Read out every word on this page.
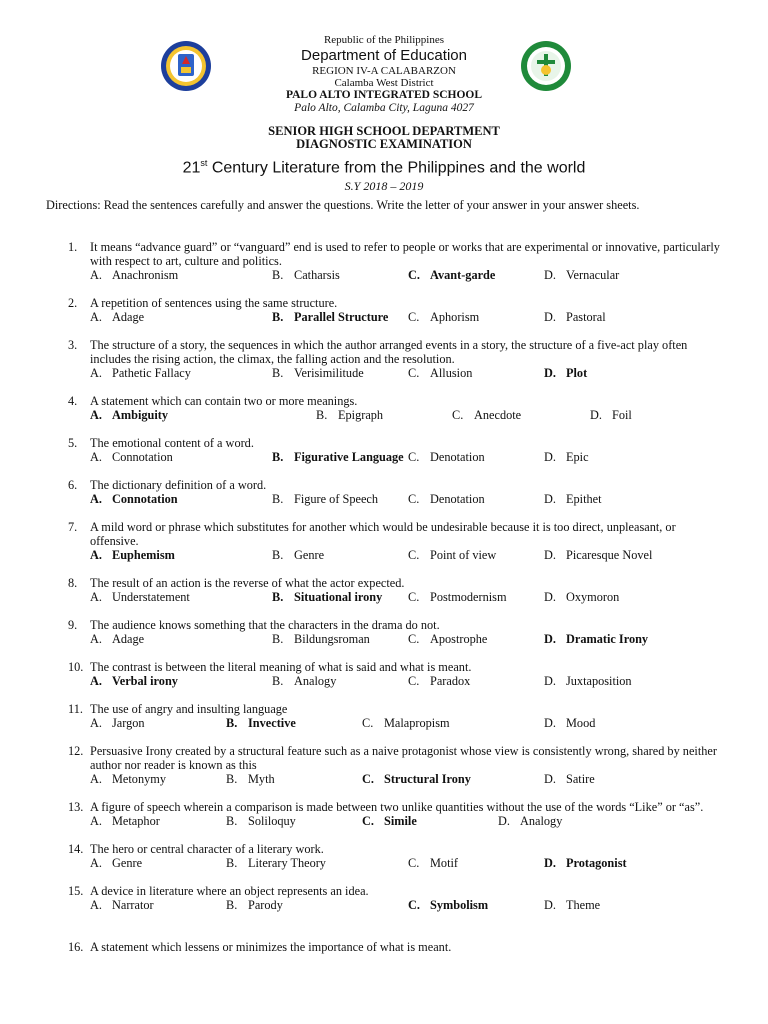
Republic of the Philippines
Department of Education
REGION IV-A CALABARZON
Calamba West District
PALO ALTO INTEGRATED SCHOOL
Palo Alto, Calamba City, Laguna 4027
SENIOR HIGH SCHOOL DEPARTMENT
DIAGNOSTIC EXAMINATION
21st Century Literature from the Philippines and the world
S.Y 2018 – 2019
Directions: Read the sentences carefully and answer the questions. Write the letter of your answer in your answer sheets.
1. It means “advance guard” or “vanguard” end is used to refer to people or works that are experimental or innovative, particularly with respect to art, culture and politics.
A. Anachronism	B. Catharsis	C. Avant-garde	D. Vernacular
2. A repetition of sentences using the same structure.
A. Adage	B. Parallel Structure C. Aphorism	D. Pastoral
3. The structure of a story, the sequences in which the author arranged events in a story, the structure of a five-act play often includes the rising action, the climax, the falling action and the resolution.
A. Pathetic Fallacy	B. Verisimilitude	C. Allusion	D. Plot
4. A statement which can contain two or more meanings.
A. Ambiguity	B. Epigraph	C. Anecdote	D. Foil
5. The emotional content of a word.
A. Connotation	B. Figurative Language C. Denotation	D. Epic
6. The dictionary definition of a word.
A. Connotation	B. Figure of Speech C. Denotation	D. Epithet
7. A mild word or phrase which substitutes for another which would be undesirable because it is too direct, unpleasant, or offensive.
A. Euphemism	B. Genre	C. Point of view	D. Picaresque Novel
8. The result of an action is the reverse of what the actor expected.
A. Understatement	B. Situational irony C. Postmodernism	D. Oxymoron
9. The audience knows something that the characters in the drama do not.
A. Adage	B. Bildungsroman	C. Apostrophe	D. Dramatic Irony
10. The contrast is between the literal meaning of what is said and what is meant.
A. Verbal irony	B. Analogy	C. Paradox	D. Juxtaposition
11. The use of angry and insulting language
A. Jargon	B. Invective	C. Malapropism	D. Mood
12. Persuasive Irony created by a structural feature such as a naive protagonist whose view is consistently wrong, shared by neither author nor reader is known as this
A. Metonymy	B. Myth	C. Structural Irony	D. Satire
13. A figure of speech wherein a comparison is made between two unlike quantities without the use of the words “Like” or “as”.
A. Metaphor	B. Soliloquy	C. Simile	D. Analogy
14. The hero or central character of a literary work.
A. Genre	B. Literary Theory	C. Motif	D. Protagonist
15. A device in literature where an object represents an idea.
A. Narrator	B. Parody	C. Symbolism	D. Theme
16. A statement which lessens or minimizes the importance of what is meant.
